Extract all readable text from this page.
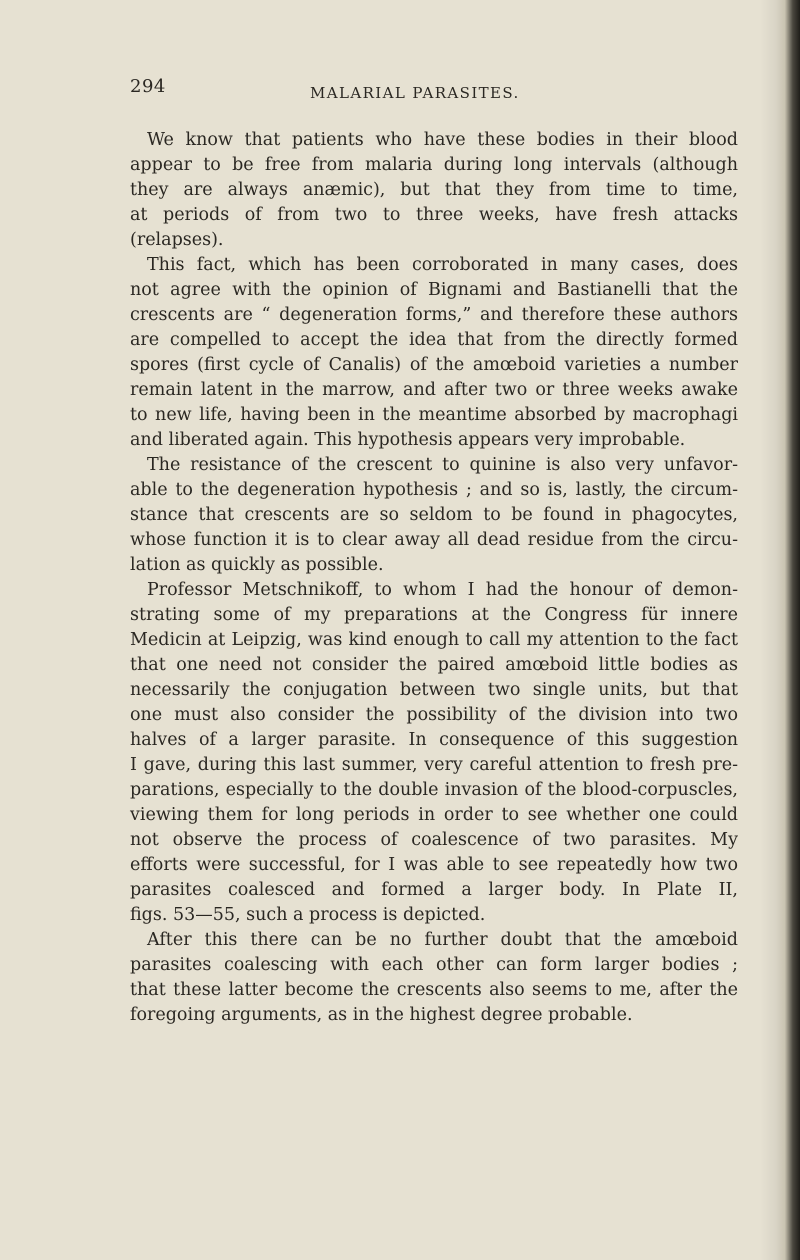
294	MALARIAL PARASITES.
We know that patients who have these bodies in their blood
appear to be free from malaria during long intervals (although
they are always anæmic), but that they from time to time,
at periods of from two to three weeks, have fresh attacks
(relapses).
This fact, which has been corroborated in many cases, does
not agree with the opinion of Bignami and Bastianelli that the
crescents are “ degeneration forms,” and therefore these authors
are compelled to accept the idea that from the directly formed
spores (first cycle of Canalis) of the amœboid varieties a number
remain latent in the marrow, and after two or three weeks awake
to new life, having been in the meantime absorbed by macrophagi
and liberated again. This hypothesis appears very improbable.
The resistance of the crescent to quinine is also very unfavor-
able to the degeneration hypothesis ; and so is, lastly, the circum-
stance that crescents are so seldom to be found in phagocytes,
whose function it is to clear away all dead residue from the circu-
lation as quickly as possible.
Professor Metschnikoff, to whom I had the honour of demon-
strating some of my preparations at the Congress für innere
Medicin at Leipzig, was kind enough to call my attention to the fact
that one need not consider the paired amœboid little bodies as
necessarily the conjugation between two single units, but that
one must also consider the possibility of the division into two
halves of a larger parasite. In consequence of this suggestion
I gave, during this last summer, very careful attention to fresh pre-
parations, especially to the double invasion of the blood-corpuscles,
viewing them for long periods in order to see whether one could
not observe the process of coalescence of two parasites. My
efforts were successful, for I was able to see repeatedly how two
parasites coalesced and formed a larger body. In Plate II,
figs. 53—55, such a process is depicted.
After this there can be no further doubt that the amœboid
parasites coalescing with each other can form larger bodies ;
that these latter become the crescents also seems to me, after the
foregoing arguments, as in the highest degree probable.
